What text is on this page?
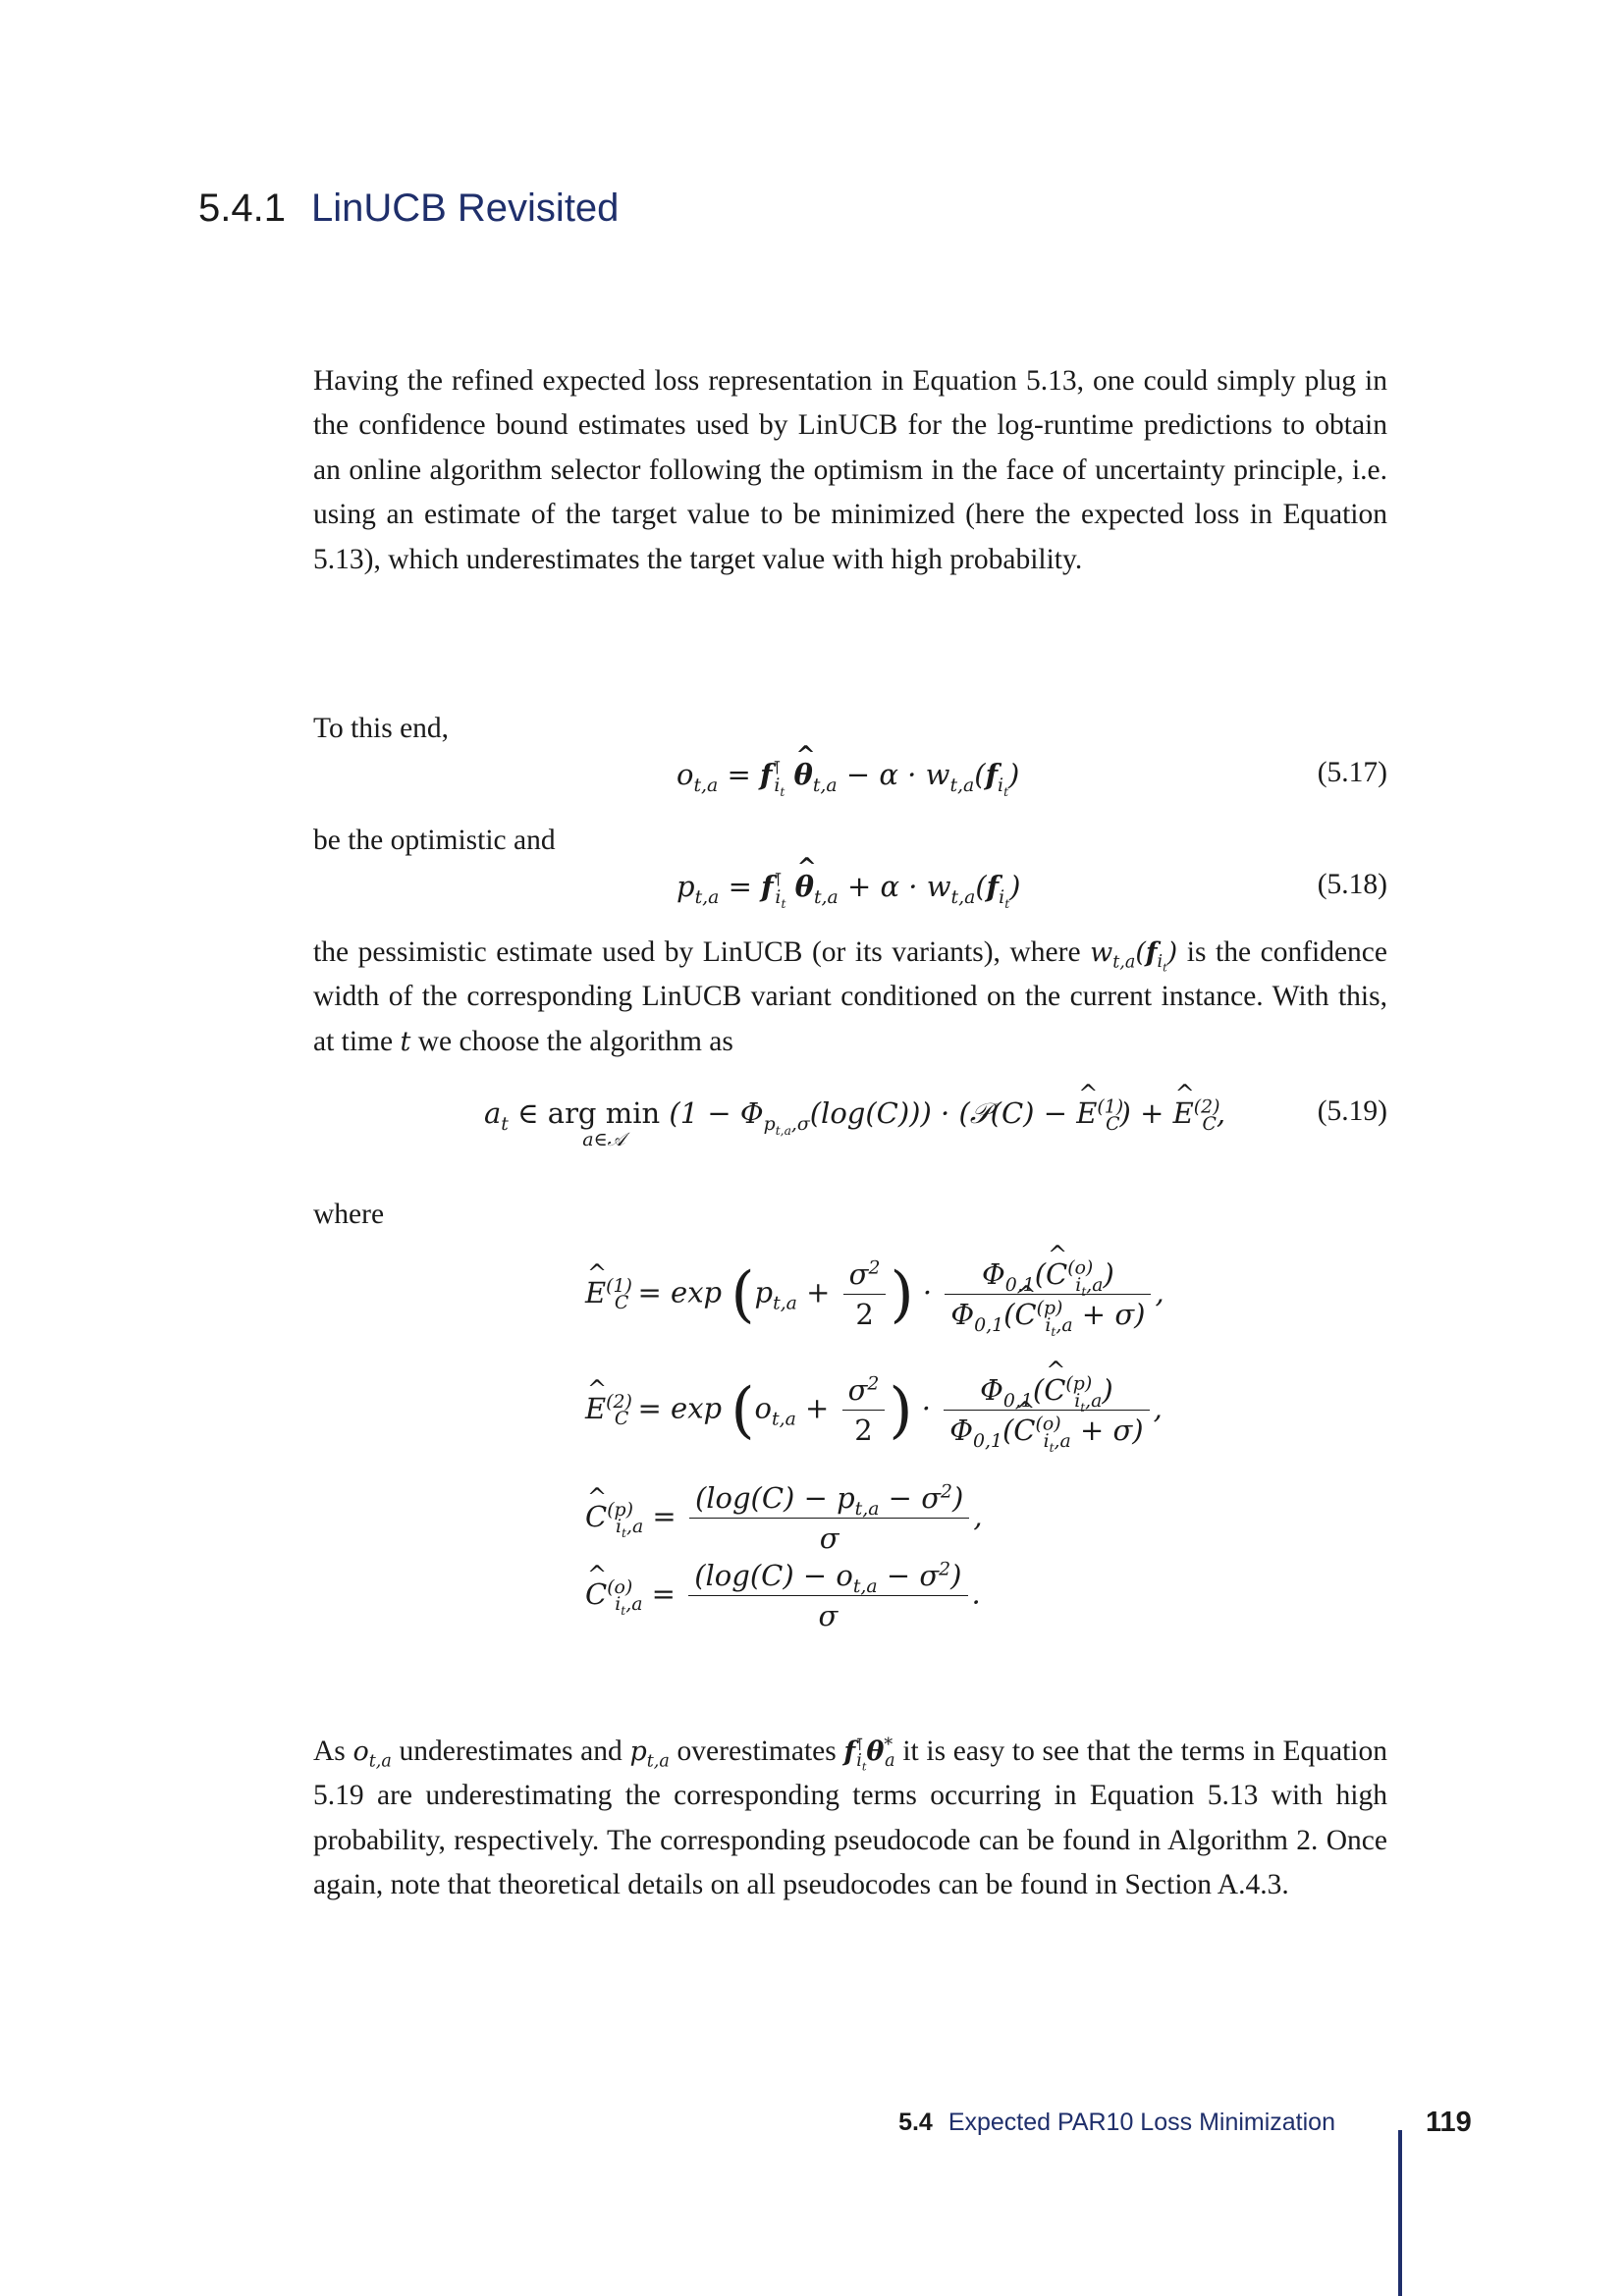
5.4.1 LinUCB Revisited

Having the refined expected loss representation in Equation 5.13, one could simply plug in the confidence bound estimates used by LinUCB for the log-runtime predictions to obtain an online algorithm selector following the optimism in the face of uncertainty principle, i.e. using an estimate of the target value to be minimized (here the expected loss in Equation 5.13), which underestimates the target value with high probability.

To this end,

$o_{t,a} = f^⊺_{i_t}$ ^ $\theta_{t,a} - \alpha \cdot w_{t,a}(f_{i_t})$	(5.17)

be the optimistic and

$p_{t,a} = f^⊺_{i_t}$ ^ $\theta_{t,a} + \alpha \cdot w_{t,a}(f_{i_t})$	(5.18)

the pessimistic estimate used by LinUCB (or its variants), where $w_{t,a}(f_{i_t})$ is the confidence width of the corresponding LinUCB variant conditioned on the current instance. With this, at time t we choose the algorithm as

$a_t$ ∈ arg min

a∈𝒜
$(1 - \Phi_{p_{t,a},\sigma}(\log(C)))$ · (𝒫(C) − ^ $E^{(1)}_C$) + ^ $E^{(2)}_C$,	(5.19)

where

^ $E^{(1)}_C = \exp (p_{t,a} + \frac{\sigma^2}{2}$ ) · $\frac{\Phi_{0,1}(\^{} C^{(o)}_{i_t,a})}{\Phi_{0,1}(\^{} C^{(p)}_{i_t,a} + \sigma)}$ ,
^ $E^{(2)}_C = \exp (o_{t,a} + \frac{\sigma^2}{2}$ ) · $\frac{\Phi_{0,1}(\^{} C^{(p)}_{i_t,a})}{\Phi_{0,1}(\^{} C^{(o)}_{i_t,a} + \sigma)}$ ,
^ $C^{(p)}_{i_t,a} = \frac{(\log(C) - p_{t,a} - \sigma^2)}{\sigma}$ ,
^ $C^{(o)}_{i_t,a} = \frac{(\log(C) - o_{t,a} - \sigma^2)}{\sigma}$ .

As $o_{t,a}$ underestimates and $p_{t,a}$ overestimates $f^⊺_{i_t}\theta^*_a$ it is easy to see that the terms in Equation 5.19 are underestimating the corresponding terms occurring in Equation 5.13 with high probability, respectively. The corresponding pseudocode can be found in Algorithm 2. Once again, note that theoretical details on all pseudocodes can be found in Section A.4.3.

5.4 Expected PAR10 Loss Minimization	119
